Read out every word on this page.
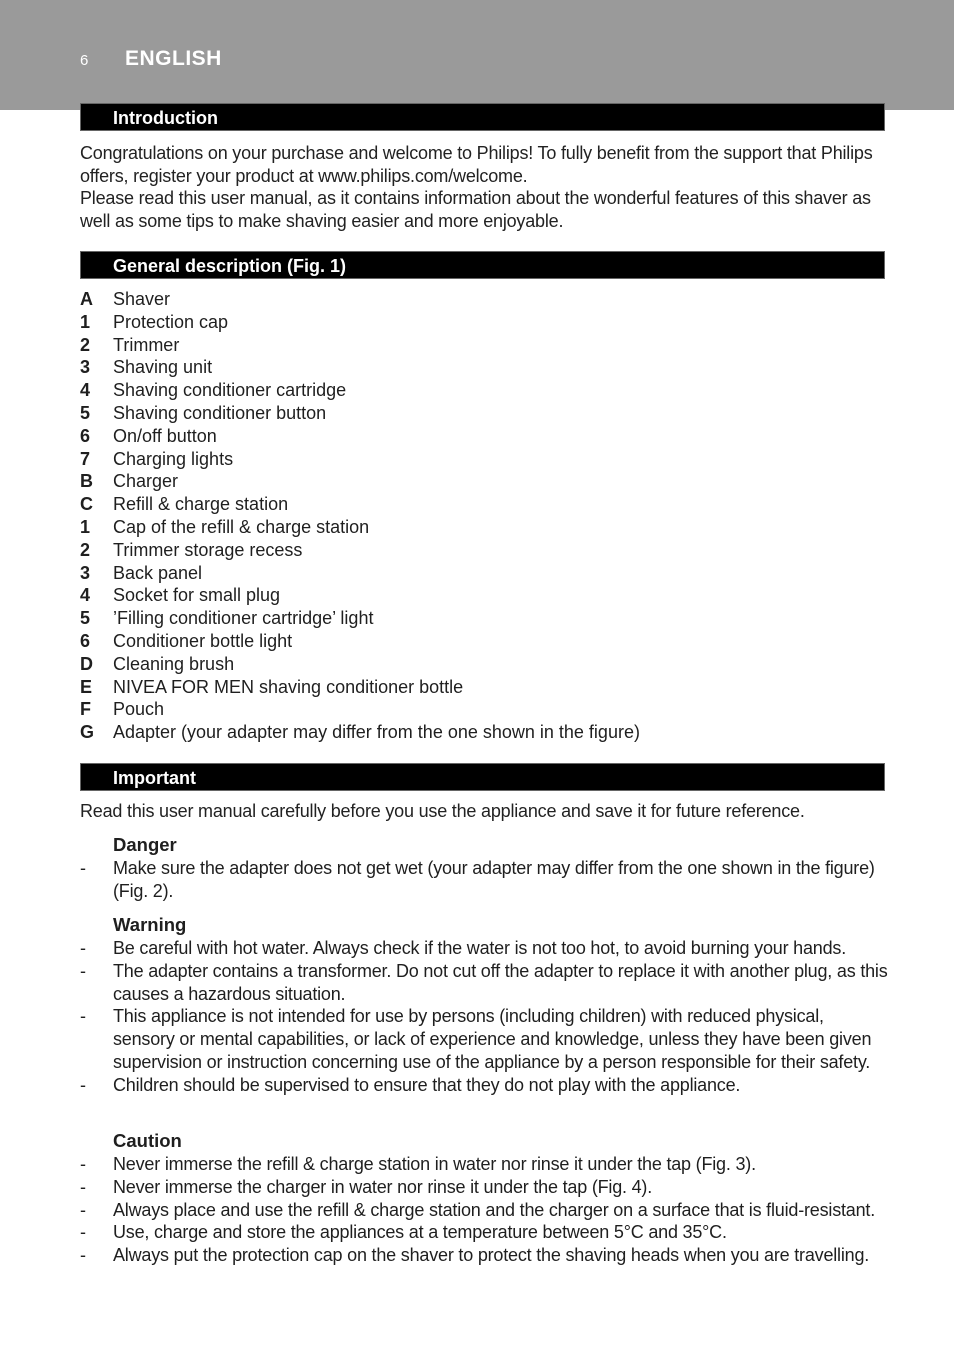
6 ENGLISH
Introduction
Congratulations on your purchase and welcome to Philips! To fully benefit from the support that Philips offers, register your product at www.philips.com/welcome.
Please read this user manual, as it contains information about the wonderful features of this shaver as well as some tips to make shaving easier and more enjoyable.
General description (Fig. 1)
A	Shaver
1	Protection cap
2	Trimmer
3	Shaving unit
4	Shaving conditioner cartridge
5	Shaving conditioner button
6	On/off button
7	Charging lights
B	Charger
C	Refill & charge station
1	Cap of the refill & charge station
2	Trimmer storage recess
3	Back panel
4	Socket for small plug
5	’Filling conditioner cartridge’ light
6	Conditioner bottle light
D	Cleaning brush
E	NIVEA FOR MEN shaving conditioner bottle
F	Pouch
G	Adapter (your adapter may differ from the one shown in the figure)
Important
Read this user manual carefully before you use the appliance and save it for future reference.
Danger
- Make sure the adapter does not get wet (your adapter may differ from the one shown in the figure) (Fig. 2).
Warning
- Be careful with hot water. Always check if the water is not too hot, to avoid burning your hands.
- The adapter contains a transformer. Do not cut off the adapter to replace it with another plug, as this causes a hazardous situation.
- This appliance is not intended for use by persons (including children) with reduced physical, sensory or mental capabilities, or lack of experience and knowledge, unless they have been given supervision or instruction concerning use of the appliance by a person responsible for their safety.
- Children should be supervised to ensure that they do not play with the appliance.
Caution
- Never immerse the refill & charge station in water nor rinse it under the tap (Fig. 3).
- Never immerse the charger in water nor rinse it under the tap (Fig. 4).
- Always place and use the refill & charge station and the charger on a surface that is fluid-resistant.
- Use, charge and store the appliances at a temperature between 5°C and 35°C.
- Always put the protection cap on the shaver to protect the shaving heads when you are travelling.
